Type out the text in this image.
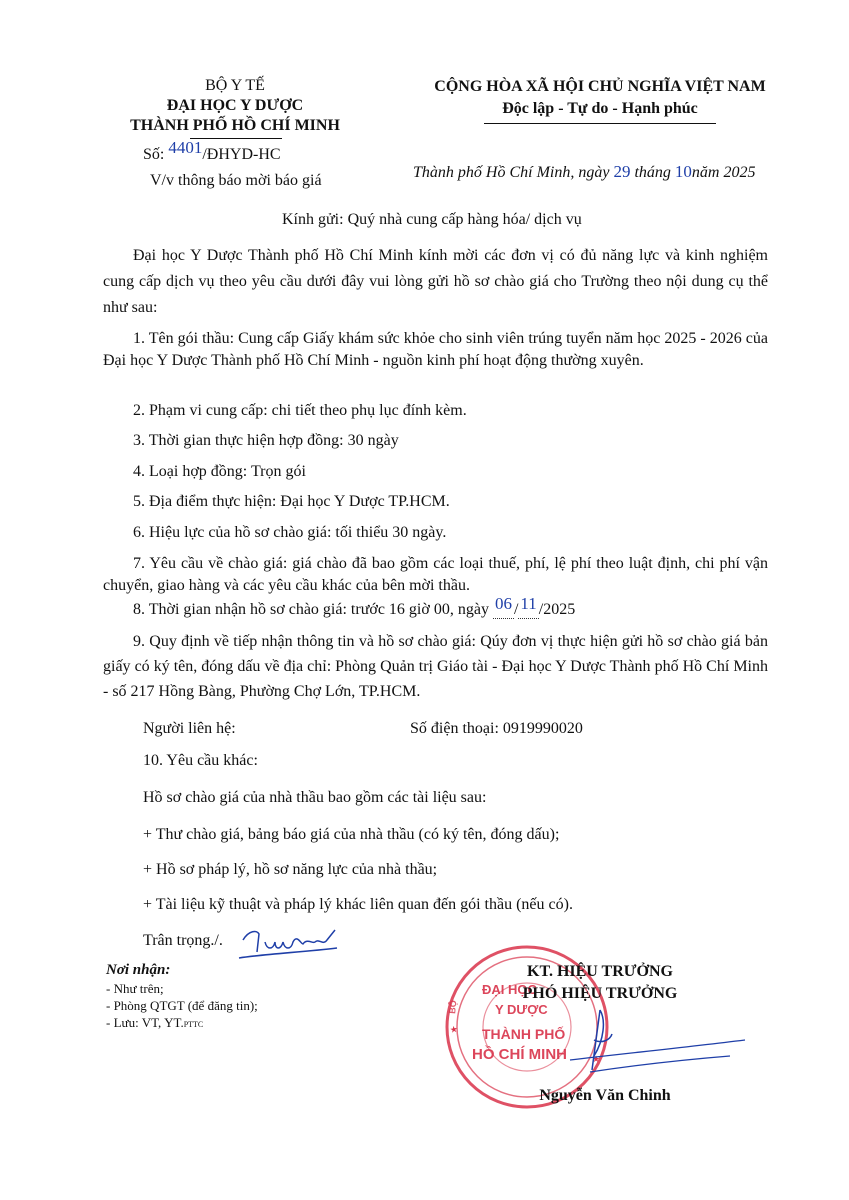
BỘ Y TẾ
ĐẠI HỌC Y DƯỢC
THÀNH PHỐ HỒ CHÍ MINH
Số: 4401/ĐHYD-HC
V/v thông báo mời báo giá
CỘNG HÒA XÃ HỘI CHỦ NGHĨA VIỆT NAM
Độc lập - Tự do - Hạnh phúc
Thành phố Hồ Chí Minh, ngày 29 tháng 10năm 2025
Kính gửi: Quý nhà cung cấp hàng hóa/ dịch vụ
Đại học Y Dược Thành phố Hồ Chí Minh kính mời các đơn vị có đủ năng lực và kinh nghiệm cung cấp dịch vụ theo yêu cầu dưới đây vui lòng gửi hồ sơ chào giá cho Trường theo nội dung cụ thể như sau:
1. Tên gói thầu: Cung cấp Giấy khám sức khỏe cho sinh viên trúng tuyển năm học 2025 - 2026 của Đại học Y Dược Thành phố Hồ Chí Minh - nguồn kinh phí hoạt động thường xuyên.
2. Phạm vi cung cấp: chi tiết theo phụ lục đính kèm.
3. Thời gian thực hiện hợp đồng: 30 ngày
4. Loại hợp đồng: Trọn gói
5. Địa điểm thực hiện: Đại học Y Dược TP.HCM.
6. Hiệu lực của hồ sơ chào giá: tối thiểu 30 ngày.
7. Yêu cầu về chào giá: giá chào đã bao gồm các loại thuế, phí, lệ phí theo luật định, chi phí vận chuyển, giao hàng và các yêu cầu khác của bên mời thầu.
8. Thời gian nhận hồ sơ chào giá: trước 16 giờ 00, ngày 06 / 11 /2025
9. Quy định về tiếp nhận thông tin và hồ sơ chào giá: Qúy đơn vị thực hiện gửi hồ sơ chào giá bản giấy có ký tên, đóng dấu về địa chỉ: Phòng Quản trị Giáo tài - Đại học Y Dược Thành phố Hồ Chí Minh - số 217 Hồng Bàng, Phường Chợ Lớn, TP.HCM.
Người liên hệ:	Số điện thoại: 0919990020
10. Yêu cầu khác:
Hồ sơ chào giá của nhà thầu bao gồm các tài liệu sau:
+ Thư chào giá, bảng báo giá của nhà thầu (có ký tên, đóng dấu);
+ Hồ sơ pháp lý, hồ sơ năng lực của nhà thầu;
+ Tài liệu kỹ thuật và pháp lý khác liên quan đến gói thầu (nếu có).
Trân trọng./.
Nơi nhận:
- Như trên;
- Phòng QTGT (để đăng tin);
- Lưu: VT, YT.PTTC
★
★
ĐẠI HỌC
Y DƯỢC
THÀNH PHỐ
HỒ CHÍ MINH
BỘ
KT. HIỆU TRƯỞNG
PHÓ HIỆU TRƯỞNG
Nguyễn Văn Chinh
